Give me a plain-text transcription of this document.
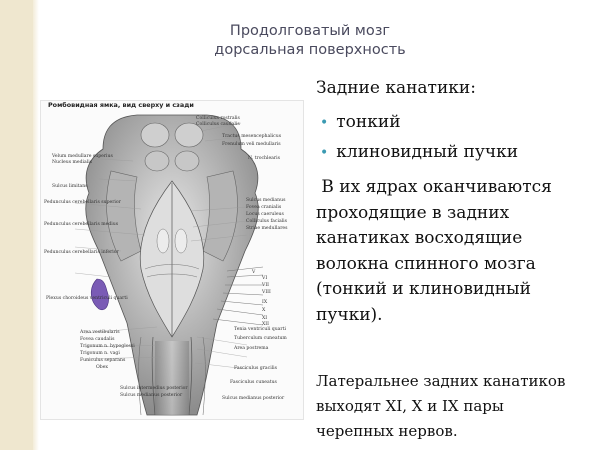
Продолговатый мозг
дорсальная поверхность
Ромбовидная ямка, вид сверху и сзади
Velum medullare superius
Nucleus medialis
Sulcus limitans
Pedunculus cerebellaris superior
Pedunculus cerebellaris medius
Pedunculus cerebellaris inferior
Plexus choroideus ventriculi quarti
Area vestibularis
Fovea caudalis
Trigonum n. hypoglossi
Trigonum n. vagi
Funiculus separans
Obex
Sulcus intermedius posterior
Sulcus medianus posterior
Colliculus rostralis
Colliculus caudalis
Tractus mesencephalicus
Frenulum veli medullaris
N. trochlearis
Sulcus medianus
Fovea cranialis
Locus caeruleus
Colliculus facialis
Striae medullares
Tenia ventriculi quarti
Tuberculum cuneatum
Area postrema
Fasciculus gracilis
Fasciculus cuneatus
Sulcus medianus posterior
V
VI
VII
VIII
IX
X
XI
XII
Задние канатики:
• тонкий
• клиновидный пучки
В их ядрах оканчиваются
проходящие в задних
канатиках восходящие
волокна спинного мозга
(тонкий и клиновидный
пучки).
Латеральнее задних канатиков
выходят XI, X и IX пары
черепных нервов.
